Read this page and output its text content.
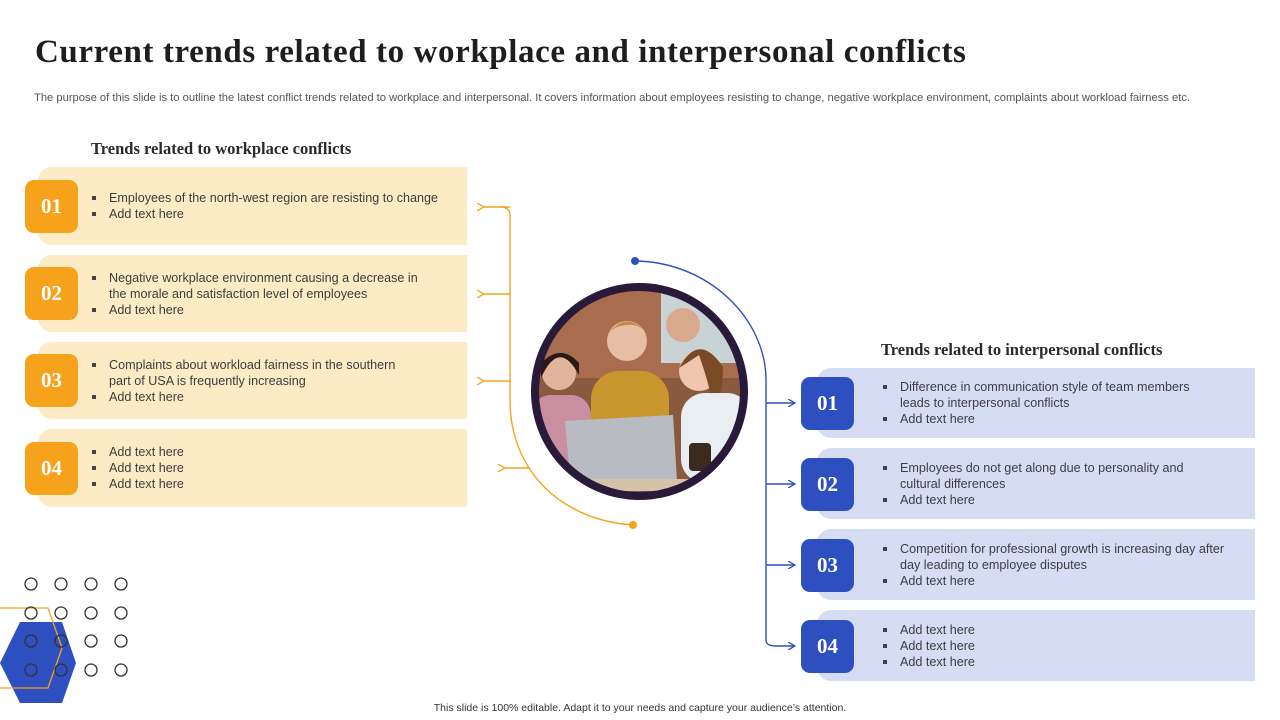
Current trends related to workplace and interpersonal conflicts
The purpose of this slide is to outline the latest conflict trends related to workplace and interpersonal. It covers information about employees resisting to change, negative workplace environment, complaints about workload fairness etc.
Trends related to workplace conflicts
01	Employees of the north-west region are resisting to change
Add text here
02
Negative workplace environment causing a decrease in the morale and satisfaction level of employees
Add text here
03
Complaints about workload fairness in the southern part of USA is frequently increasing
Add text here
04
Add text here
Add text here
Add text here
Trends related to interpersonal conflicts
01
Difference in communication style of team members leads to interpersonal conflicts
Add text here
02
Employees do not get along due to personality and cultural differences
Add text here
03
Competition for professional growth is increasing day after day leading to employee disputes
Add text here
04
Add text here
Add text here
Add text here
This slide is 100% editable. Adapt it to your needs and capture your audience’s attention.
